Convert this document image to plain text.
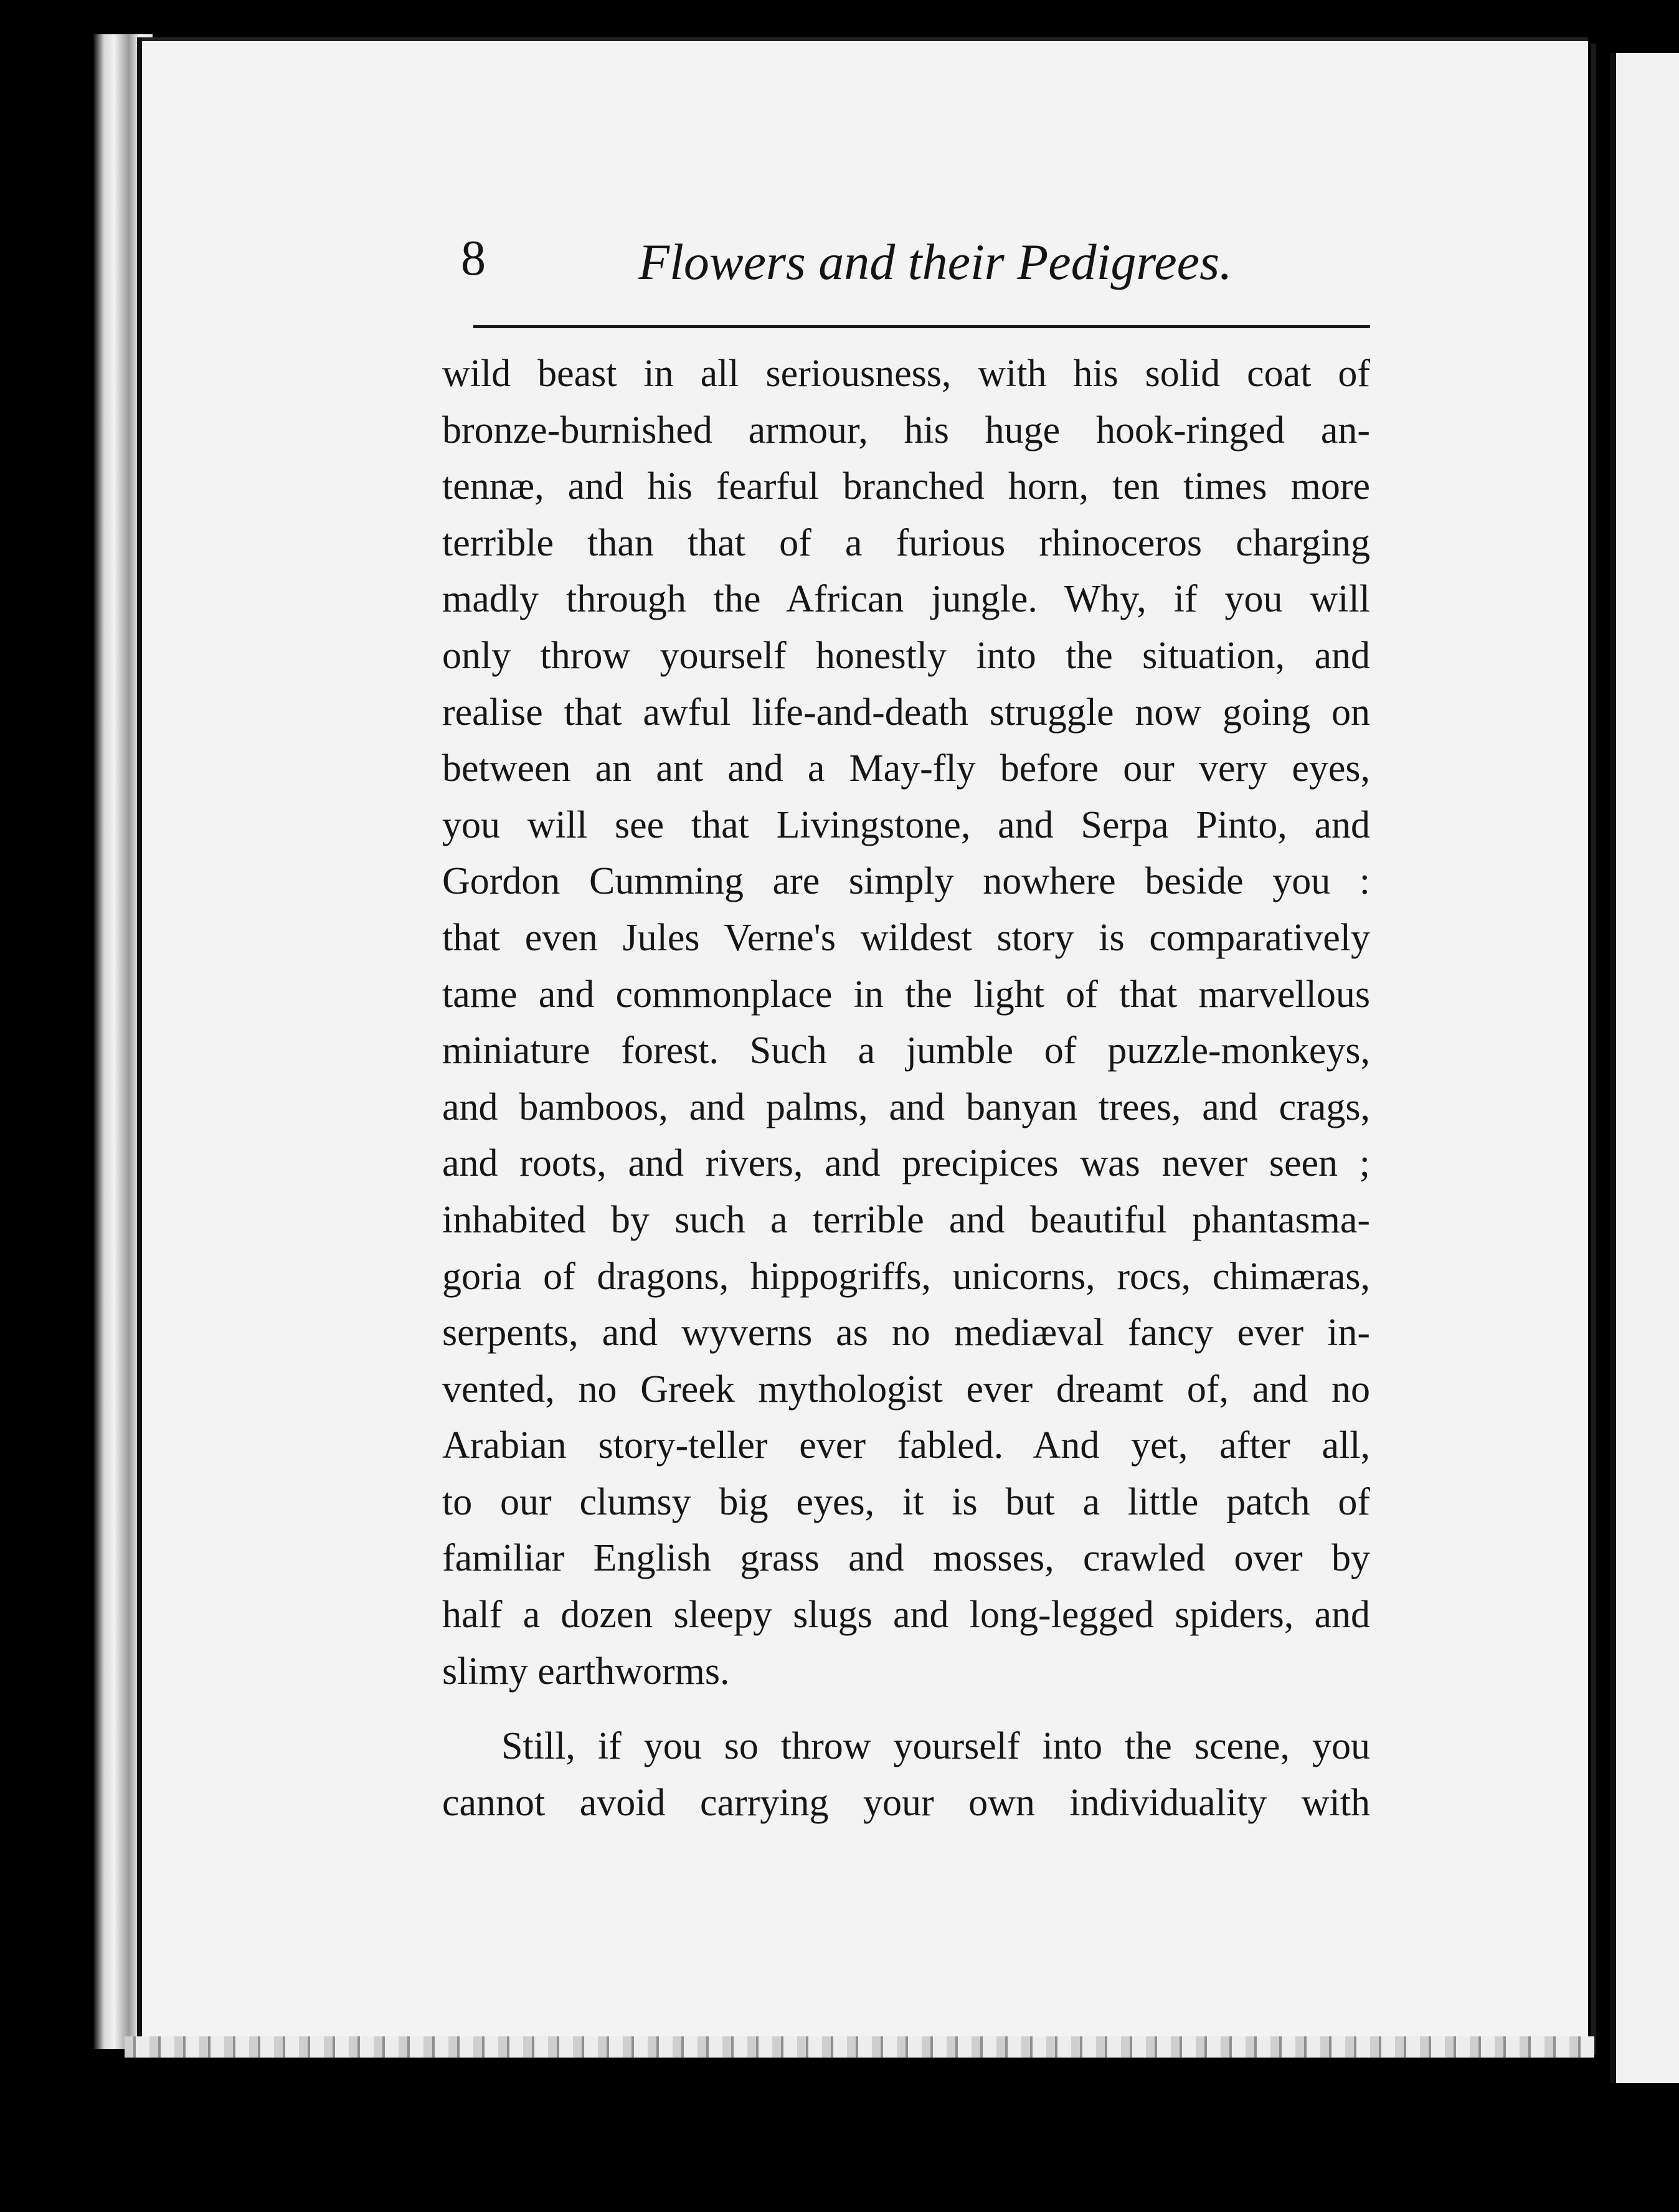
8	Flowers and their Pedigrees.
wild beast in all seriousness, with his solid coat of
bronze-burnished armour, his huge hook-ringed an-
tennæ, and his fearful branched horn, ten times more
terrible than that of a furious rhinoceros charging
madly through the African jungle. Why, if you will
only throw yourself honestly into the situation, and
realise that awful life-and-death struggle now going on
between an ant and a May-fly before our very eyes,
you will see that Livingstone, and Serpa Pinto, and
Gordon Cumming are simply nowhere beside you :
that even Jules Verne's wildest story is comparatively
tame and commonplace in the light of that marvellous
miniature forest. Such a jumble of puzzle-monkeys,
and bamboos, and palms, and banyan trees, and crags,
and roots, and rivers, and precipices was never seen ;
inhabited by such a terrible and beautiful phantasma-
goria of dragons, hippogriffs, unicorns, rocs, chimæras,
serpents, and wyverns as no mediæval fancy ever in-
vented, no Greek mythologist ever dreamt of, and no
Arabian story-teller ever fabled. And yet, after all,
to our clumsy big eyes, it is but a little patch of
familiar English grass and mosses, crawled over by
half a dozen sleepy slugs and long-legged spiders, and
slimy earthworms.
Still, if you so throw yourself into the scene, you
cannot avoid carrying your own individuality with
